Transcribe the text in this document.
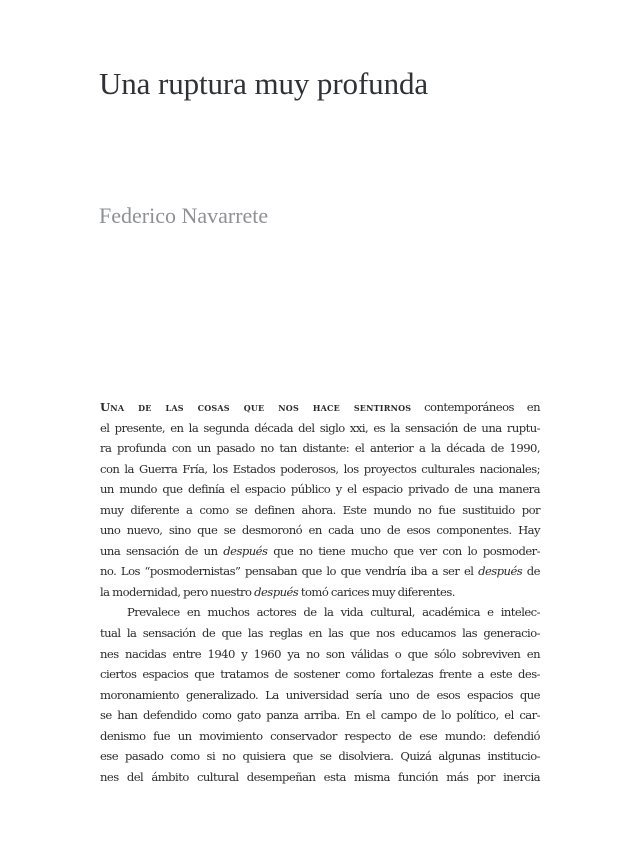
Una ruptura muy profunda
Federico Navarrete
Una de las cosas que nos hace sentirnos contemporáneos en
el presente, en la segunda década del siglo xxi, es la sensación de una ruptu-
ra profunda con un pasado no tan distante: el anterior a la década de 1990,
con la Guerra Fría, los Estados poderosos, los proyectos culturales nacionales;
un mundo que definía el espacio público y el espacio privado de una manera
muy diferente a como se definen ahora. Este mundo no fue sustituido por
uno nuevo, sino que se desmoronó en cada uno de esos componentes. Hay
una sensación de un después que no tiene mucho que ver con lo posmoder-
no. Los “posmodernistas” pensaban que lo que vendría iba a ser el después de
la modernidad, pero nuestro después tomó carices muy diferentes.
Prevalece en muchos actores de la vida cultural, académica e intelec-
tual la sensación de que las reglas en las que nos educamos las generacio-
nes nacidas entre 1940 y 1960 ya no son válidas o que sólo sobreviven en
ciertos espacios que tratamos de sostener como fortalezas frente a este des-
moronamiento generalizado. La universidad sería uno de esos espacios que
se han defendido como gato panza arriba. En el campo de lo político, el car-
denismo fue un movimiento conservador respecto de ese mundo: defendió
ese pasado como si no quisiera que se disolviera. Quizá algunas institucio-
nes del ámbito cultural desempeñan esta misma función más por inercia
